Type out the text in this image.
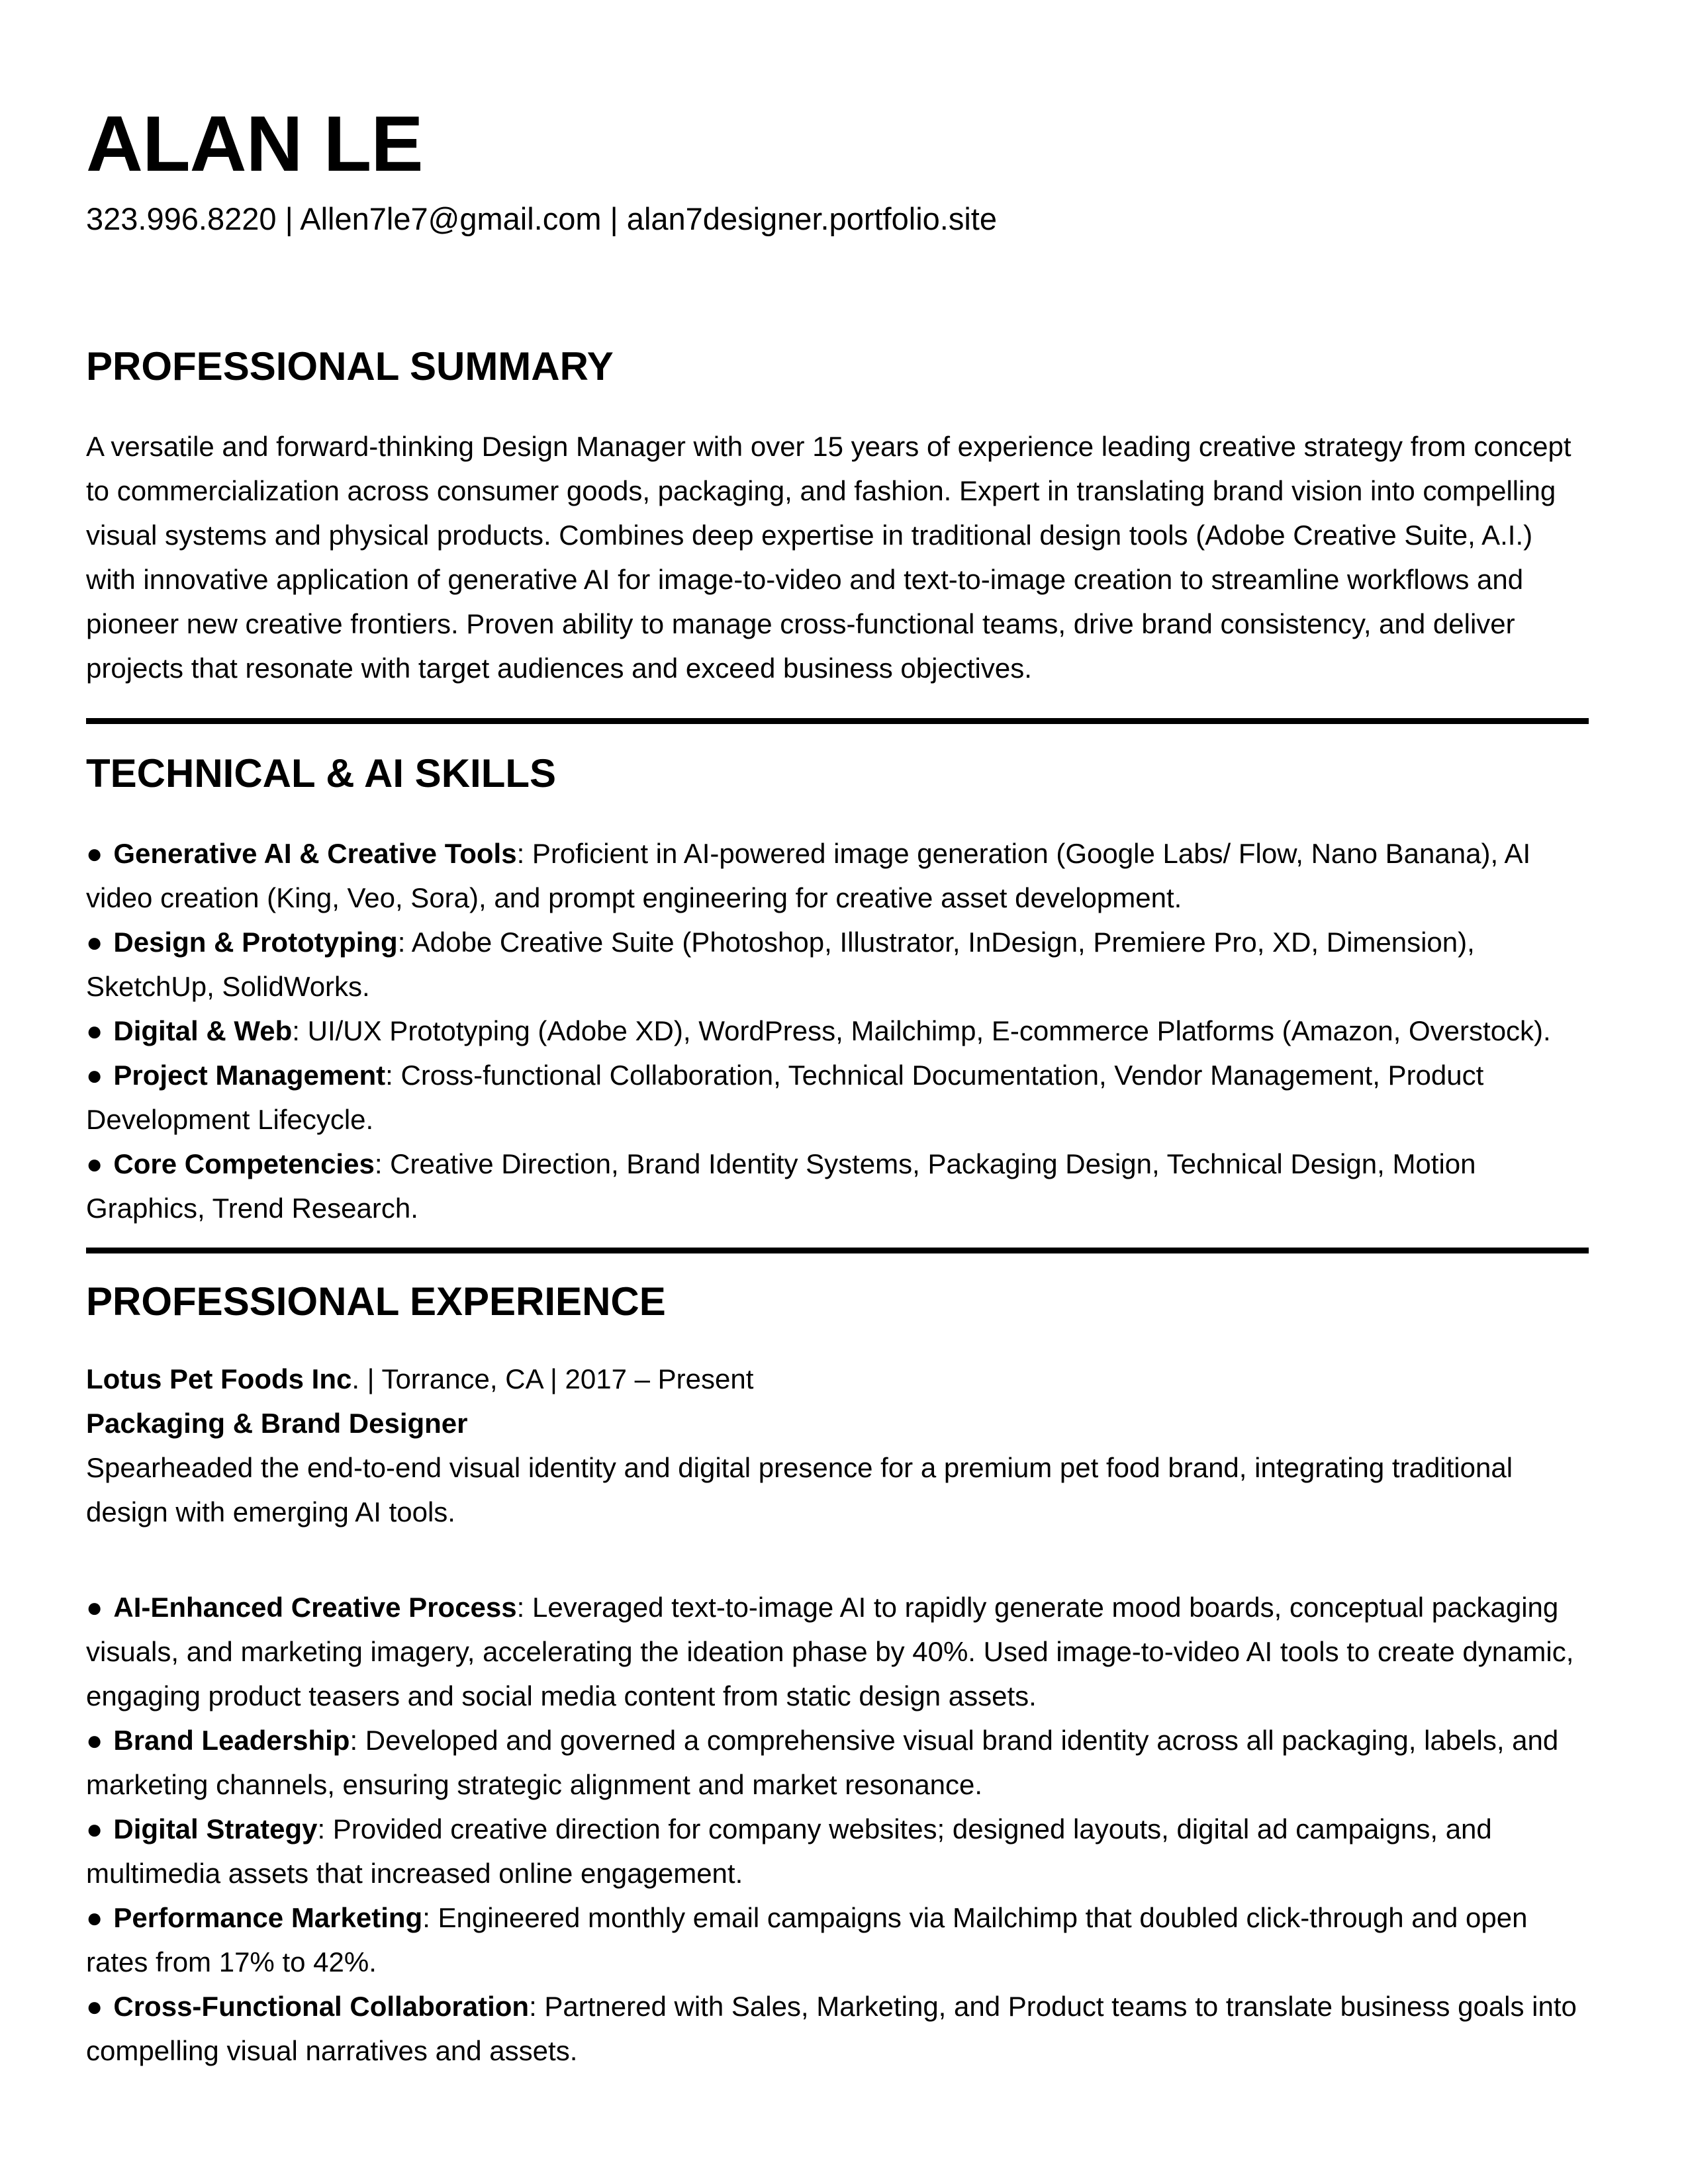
ALAN LE

323.996.8220 | Allen7le7@gmail.com | alan7designer.portfolio.site

PROFESSIONAL SUMMARY

A versatile and forward-thinking Design Manager with over 15 years of experience leading creative strategy from concept to commercialization across consumer goods, packaging, and fashion. Expert in translating brand vision into compelling visual systems and physical products. Combines deep expertise in traditional design tools (Adobe Creative Suite, A.I.) with innovative application of generative AI for image-to-video and text-to-image creation to streamline workflows and pioneer new creative frontiers. Proven ability to manage cross-functional teams, drive brand consistency, and deliver projects that resonate with target audiences and exceed business objectives.

TECHNICAL & AI SKILLS

● Generative AI & Creative Tools: Proficient in AI-powered image generation (Google Labs/ Flow, Nano Banana), AI video creation (King, Veo, Sora), and prompt engineering for creative asset development.

● Design & Prototyping: Adobe Creative Suite (Photoshop, Illustrator, InDesign, Premiere Pro, XD, Dimension), SketchUp, SolidWorks.

● Digital & Web: UI/UX Prototyping (Adobe XD), WordPress, Mailchimp, E-commerce Platforms (Amazon, Overstock).

● Project Management: Cross-functional Collaboration, Technical Documentation, Vendor Management, Product Development Lifecycle.

● Core Competencies: Creative Direction, Brand Identity Systems, Packaging Design, Technical Design, Motion Graphics, Trend Research.

PROFESSIONAL EXPERIENCE

Lotus Pet Foods Inc. | Torrance, CA | 2017 – Present

Packaging & Brand Designer

Spearheaded the end-to-end visual identity and digital presence for a premium pet food brand, integrating traditional design with emerging AI tools.

● AI-Enhanced Creative Process: Leveraged text-to-image AI to rapidly generate mood boards, conceptual packaging visuals, and marketing imagery, accelerating the ideation phase by 40%. Used image-to-video AI tools to create dynamic, engaging product teasers and social media content from static design assets.

● Brand Leadership: Developed and governed a comprehensive visual brand identity across all packaging, labels, and marketing channels, ensuring strategic alignment and market resonance.

● Digital Strategy: Provided creative direction for company websites; designed layouts, digital ad campaigns, and multimedia assets that increased online engagement.

● Performance Marketing: Engineered monthly email campaigns via Mailchimp that doubled click-through and open rates from 17% to 42%.

● Cross-Functional Collaboration: Partnered with Sales, Marketing, and Product teams to translate business goals into compelling visual narratives and assets.
